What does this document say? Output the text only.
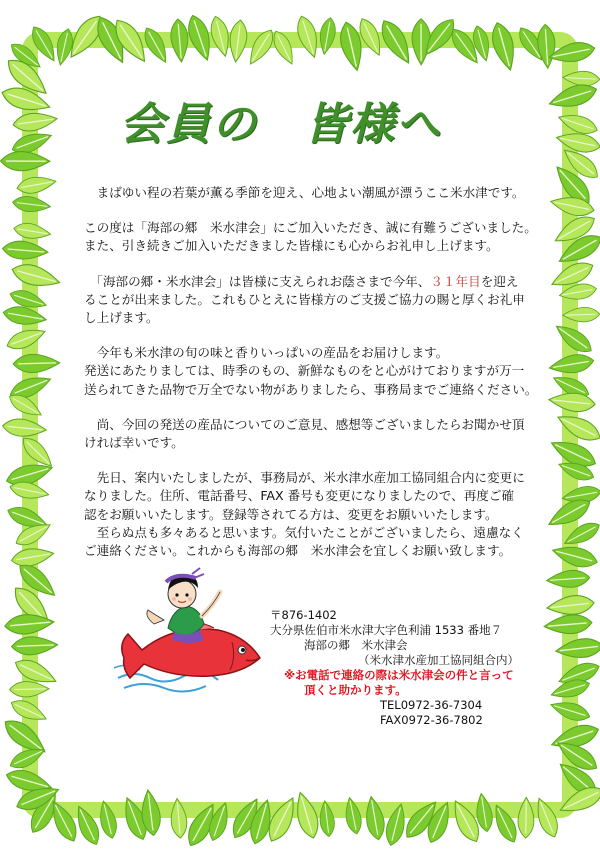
会員の　皆様へ

　まばゆい程の若葉が薫る季節を迎え、心地よい潮風が漂うここ米水津です。

この度は「海部の郷　米水津会」にご加入いただき、誠に有難うございました。
また、引き続きご加入いただきました皆様にも心からお礼申し上げます。

　「海部の郷・米水津会」は皆様に支えられお蔭さまで今年、３１年目を迎え
ることが出来ました。これもひとえに皆様方のご支援ご協力の賜と厚くお礼申
し上げます。

　今年も米水津の旬の味と香りいっぱいの産品をお届けします。
発送にあたりましては、時季のもの、新鮮なものをと心がけておりますが万一
送られてきた品物で万全でない物がありましたら、事務局までご連絡ください。

　尚、今回の発送の産品についてのご意見、感想等ございましたらお聞かせ頂
ければ幸いです。

　先日、案内いたしましたが、事務局が、米水津水産加工協同組合内に変更に
なりました。住所、電話番号、FAX 番号も変更になりましたので、再度ご確
認をお願いいたします。登録等されてる方は、変更をお願いいたします。
　至らぬ点も多々あると思います。気付いたことがございましたら、遠慮なく
ご連絡ください。これからも海部の郷　米水津会を宜しくお願い致します。

〒876-1402
大分県佐伯市米水津大字色利浦 1533 番地７
海部の郷　米水津会
（米水津水産加工協同組合内）
※お電話で連絡の際は米水津会の件と言って
頂くと助かります。
TEL0972-36-7304
FAX0972-36-7802
